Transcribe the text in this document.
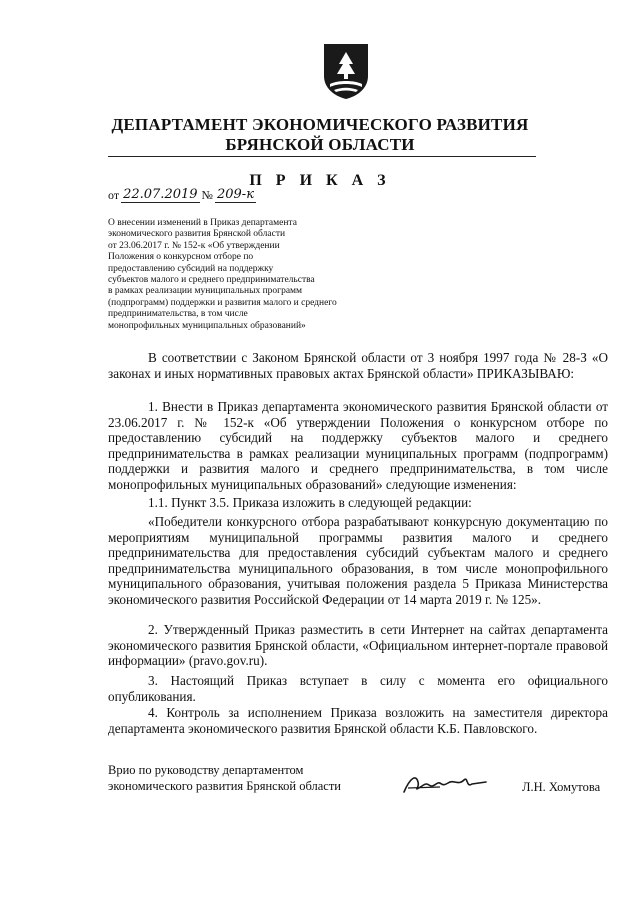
ДЕПАРТАМЕНТ ЭКОНОМИЧЕСКОГО РАЗВИТИЯ
БРЯНСКОЙ ОБЛАСТИ
П Р И К А З
от 22.07.2019 № 209-к
О внесении изменений в Приказ департамента
экономического развития Брянской области
от 23.06.2017 г. № 152-к «Об утверждении
Положения о конкурсном отборе по
предоставлению субсидий на поддержку
субъектов малого и среднего предпринимательства
в рамках реализации муниципальных программ
(подпрограмм) поддержки и развития малого и среднего
предпринимательства, в том числе
монопрофильных муниципальных образований»
В соответствии с Законом Брянской области от 3 ноября 1997 года № 28-З «О законах и иных нормативных правовых актах Брянской области» ПРИКАЗЫВАЮ:
1. Внести в Приказ департамента экономического развития Брянской области от 23.06.2017 г. № 152-к «Об утверждении Положения о конкурсном отборе по предоставлению субсидий на поддержку субъектов малого и среднего предпринимательства в рамках реализации муниципальных программ (подпрограмм) поддержки и развития малого и среднего предпринимательства, в том числе монопрофильных муниципальных образований» следующие изменения:
1.1. Пункт 3.5. Приказа изложить в следующей редакции:
«Победители конкурсного отбора разрабатывают конкурсную документацию по мероприятиям муниципальной программы развития малого и среднего предпринимательства для предоставления субсидий субъектам малого и среднего предпринимательства муниципального образования, в том числе монопрофильного муниципального образования, учитывая положения раздела 5 Приказа Министерства экономического развития Российской Федерации от 14 марта 2019 г. № 125».
2. Утвержденный Приказ разместить в сети Интернет на сайтах департамента экономического развития Брянской области, «Официальном интернет-портале правовой информации» (pravo.gov.ru).
3. Настоящий Приказ вступает в силу с момента его официального опубликования.
4. Контроль за исполнением Приказа возложить на заместителя директора департамента экономического развития Брянской области К.Б. Павловского.
Врио по руководству департаментом
экономического развития Брянской области	Л.Н. Хомутова
